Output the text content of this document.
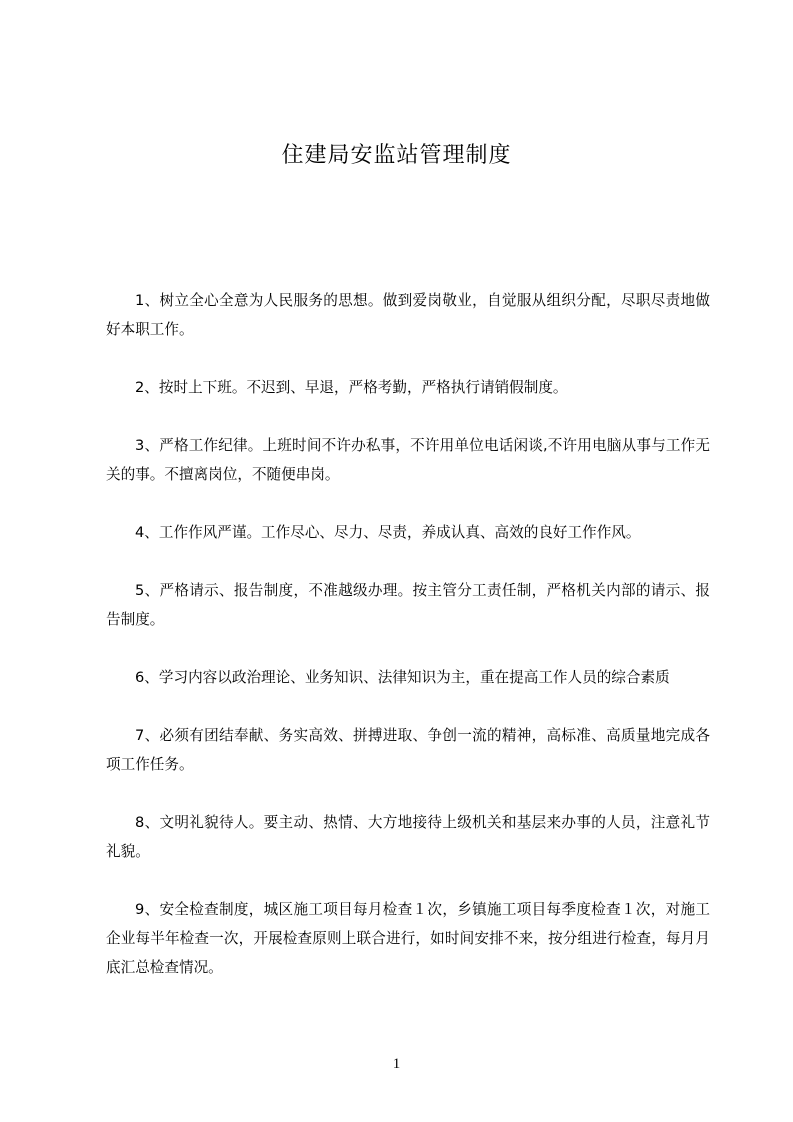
住建局安监站管理制度

1、树立全心全意为人民服务的思想。做到爱岗敬业，自觉服从组织分配，尽职尽责地做好本职工作。

2、按时上下班。不迟到、早退，严格考勤，严格执行请销假制度。

3、严格工作纪律。上班时间不许办私事，不许用单位电话闲谈,不许用电脑从事与工作无关的事。不擅离岗位，不随便串岗。

4、工作作风严谨。工作尽心、尽力、尽责，养成认真、高效的良好工作作风。

5、严格请示、报告制度，不准越级办理。按主管分工责任制，严格机关内部的请示、报告制度。

6、学习内容以政治理论、业务知识、法律知识为主，重在提高工作人员的综合素质

7、必须有团结奉献、务实高效、拼搏进取、争创一流的精神，高标准、高质量地完成各项工作任务。

8、文明礼貌待人。要主动、热情、大方地接待上级机关和基层来办事的人员，注意礼节礼貌。

9、安全检查制度，城区施工项目每月检查１次，乡镇施工项目每季度检查１次，对施工企业每半年检查一次，开展检查原则上联合进行，如时间安排不来，按分组进行检查，每月月底汇总检查情况。

1
